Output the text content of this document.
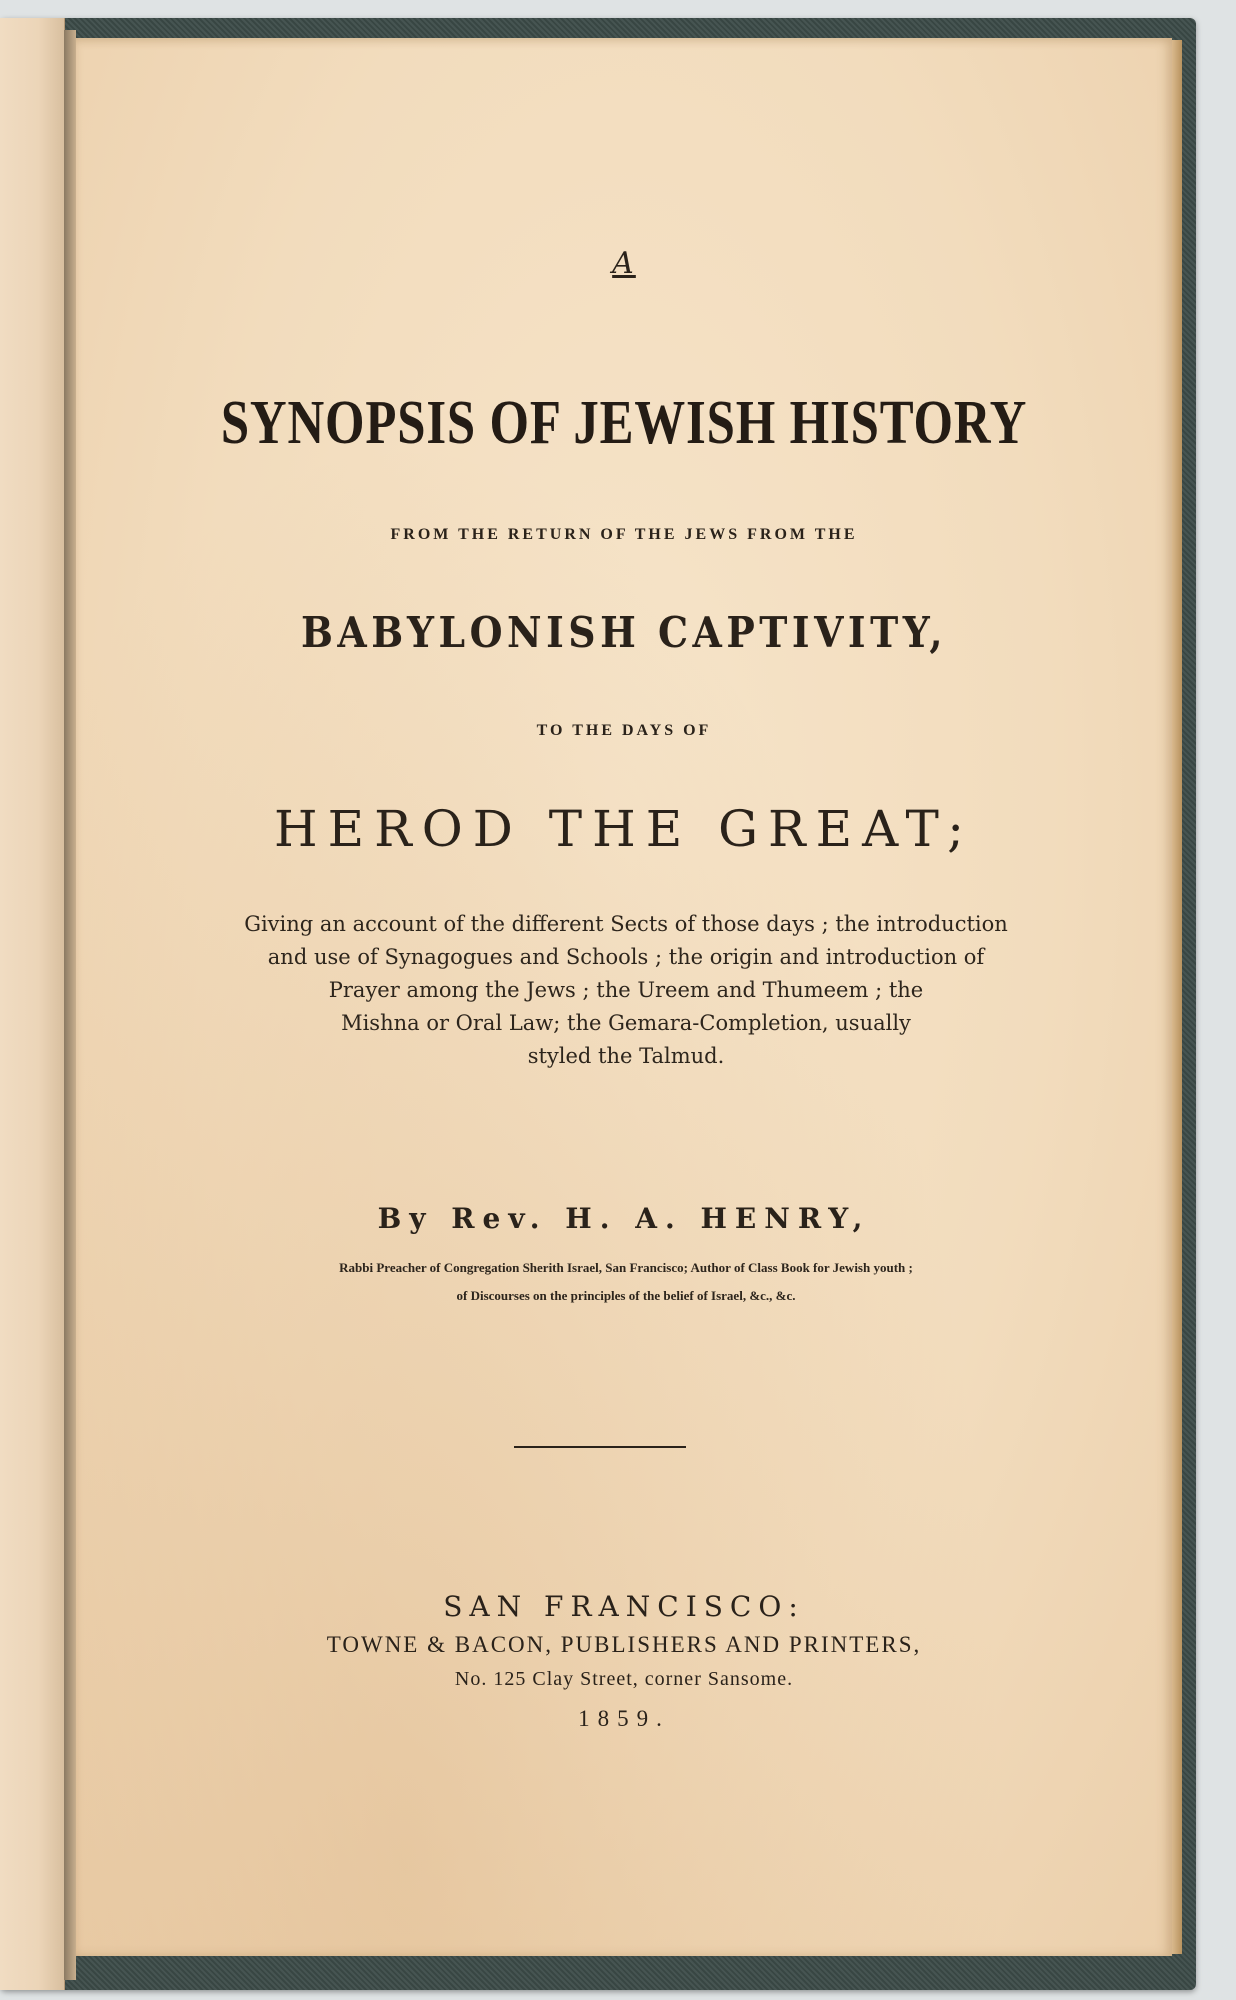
A
SYNOPSIS OF JEWISH HISTORY
FROM THE RETURN OF THE JEWS FROM THE
BABYLONISH CAPTIVITY,
TO THE DAYS OF
HEROD THE GREAT;
Giving an account of the different Sects of those days ; the introduction
and use of Synagogues and Schools ; the origin and introduction of
Prayer among the Jews ; the Ureem and Thumeem ; the
Mishna or Oral Law; the Gemara-Completion, usually
styled the Talmud.
By Rev. H. A. HENRY,
Rabbi Preacher of Congregation Sherith Israel, San Francisco; Author of Class Book for Jewish youth ;
of Discourses on the principles of the belief of Israel, &c., &c.
SAN FRANCISCO:
TOWNE & BACON, PUBLISHERS AND PRINTERS,
No. 125 Clay Street, corner Sansome.
1859.
